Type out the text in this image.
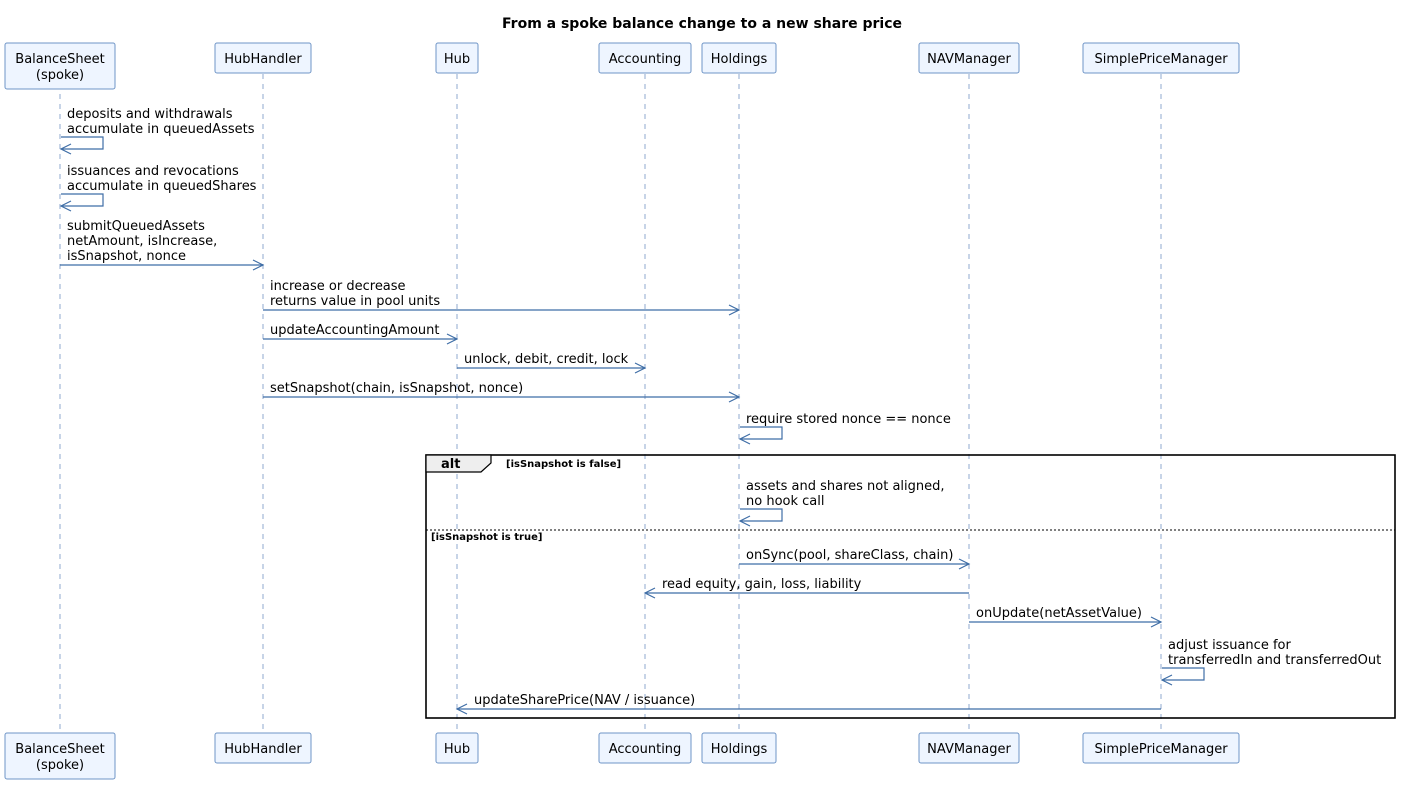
From a spoke balance change to a new share price
alt	[isSnapshot is false]
[isSnapshot is true]
BalanceSheet
(spoke)
HubHandler	Hub	Accounting Holdings	NAVManager	SimplePriceManager
BalanceSheet
(spoke)
HubHandler	Hub	Accounting Holdings	NAVManager	SimplePriceManager
deposits and withdrawals
accumulate in queuedAssets
issuances and revocations
accumulate in queuedShares
submitQueuedAssets
netAmount, isIncrease,
isSnapshot, nonce
increase or decrease
returns value in pool units
updateAccountingAmount
unlock, debit, credit, lock
setSnapshot(chain, isSnapshot, nonce)
require stored nonce == nonce
assets and shares not aligned,
no hook call
onSync(pool, shareClass, chain)
read equity, gain, loss, liability
onUpdate(netAssetValue)
adjust issuance for
transferredIn and transferredOut
updateSharePrice(NAV / issuance)
